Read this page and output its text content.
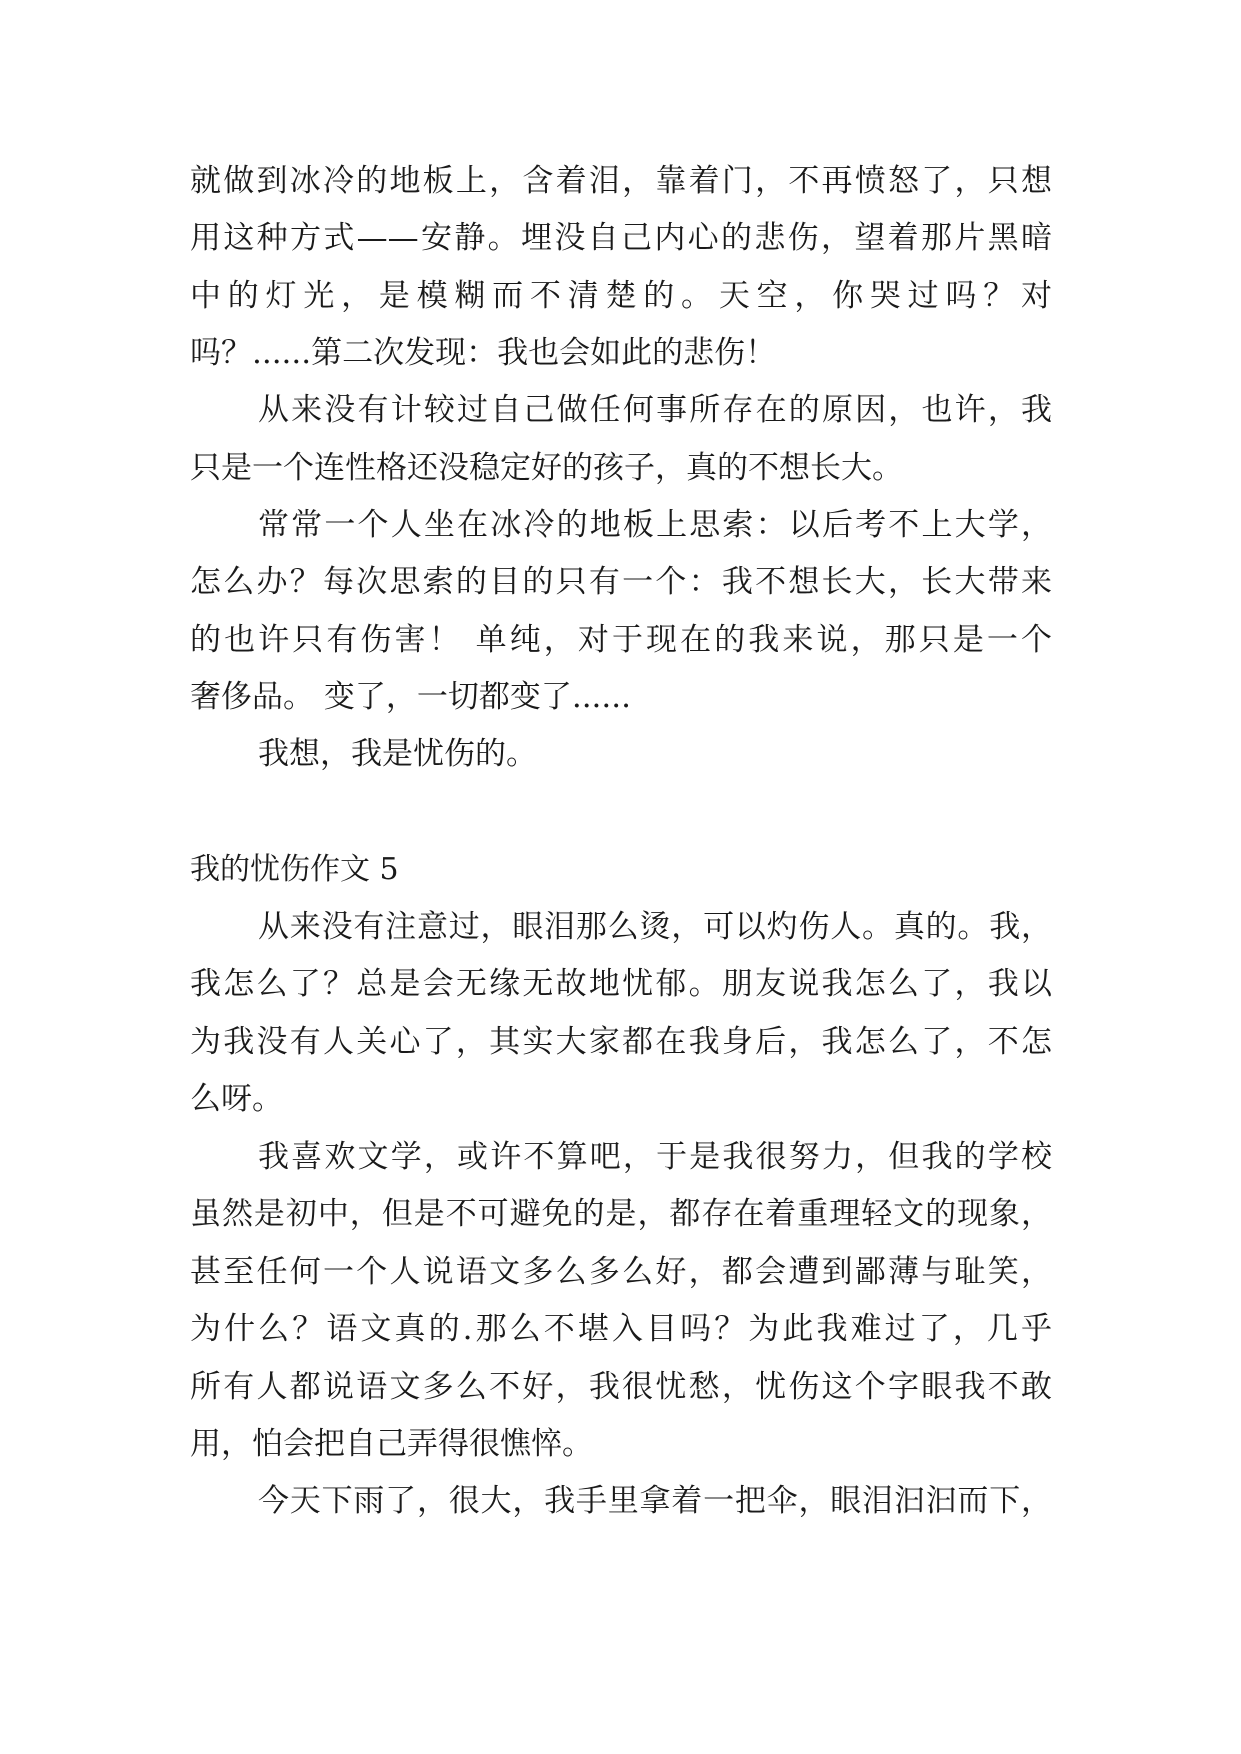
就做到冰冷的地板上，含着泪，靠着门，不再愤怒了，只想
用这种方式——安静。埋没自己内心的悲伤，望着那片黑暗
中的灯光，是模糊而不清楚的。天空，你哭过吗？对
吗？......第二次发现：我也会如此的悲伤！
从来没有计较过自己做任何事所存在的原因，也许，我
只是一个连性格还没稳定好的孩子，真的不想长大。
常常一个人坐在冰冷的地板上思索：以后考不上大学，
怎么办？每次思索的目的只有一个：我不想长大，长大带来
的也许只有伤害！ 单纯，对于现在的我来说，那只是一个
奢侈品。 变了，一切都变了......
我想，我是忧伤的。
我的忧伤作文 5
从来没有注意过，眼泪那么烫，可以灼伤人。真的。我，
我怎么了？总是会无缘无故地忧郁。朋友说我怎么了，我以
为我没有人关心了，其实大家都在我身后，我怎么了，不怎
么呀。
我喜欢文学，或许不算吧，于是我很努力，但我的学校
虽然是初中，但是不可避免的是，都存在着重理轻文的现象，
甚至任何一个人说语文多么多么好，都会遭到鄙薄与耻笑，
为什么？语文真的.那么不堪入目吗？为此我难过了，几乎
所有人都说语文多么不好，我很忧愁，忧伤这个字眼我不敢
用，怕会把自己弄得很憔悴。
今天下雨了，很大，我手里拿着一把伞，眼泪汩汩而下，
